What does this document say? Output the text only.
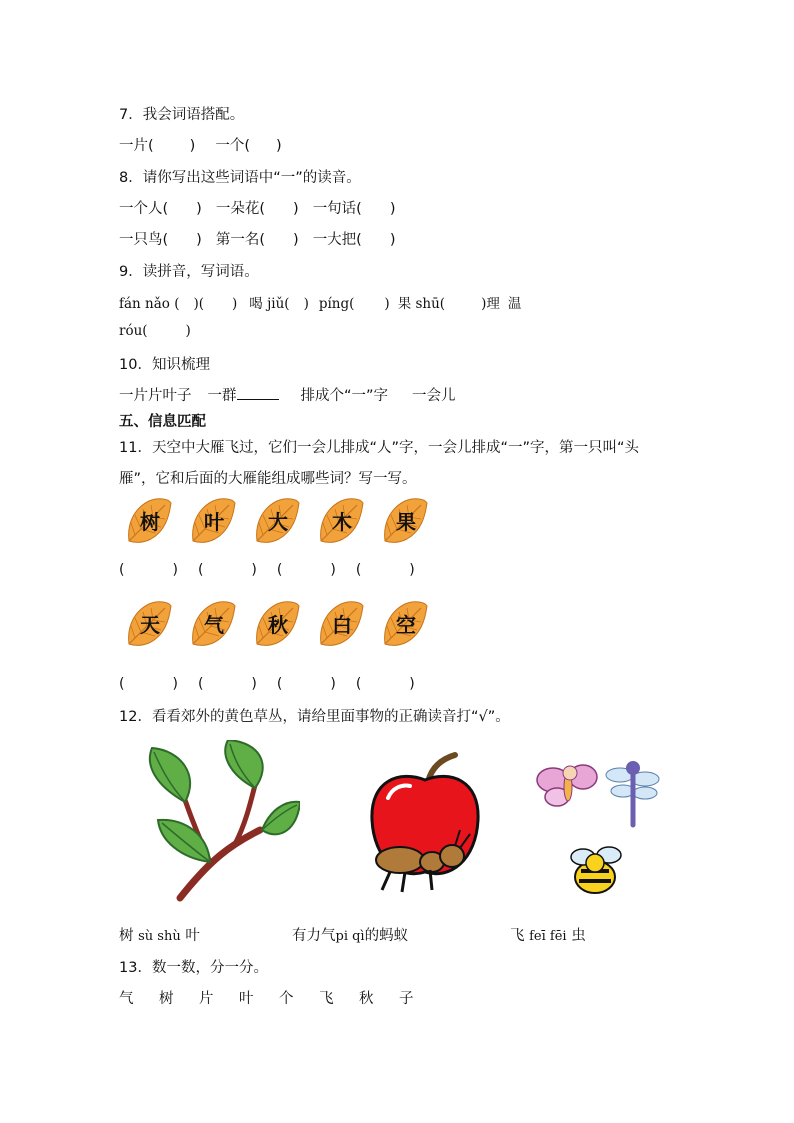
7．我会词语搭配。
一片( ) 一个( )
8．请你写出这些词语中“一”的读音。
一个人( ) 一朵花( ) 一句话( )
一只鸟( ) 第一名( ) 一大把( )
9．读拼音，写词语。
fán nǎo ( )( ) 喝 jiǔ( ) píng( ) 果 shū(	)理 温
róu(	)
10．知识梳理
一片片叶子 一群	排成个“一”字 一会儿
五、信息匹配
11．天空中大雁飞过，它们一会儿排成“人”字，一会儿排成“一”字，第一只叫“头
雁”，它和后面的大雁能组成哪些词？写一写。
树	叶	大	木	果
(	) (	) (	) (	)
天	气	秋	白	空
(	) (	) (	) (	)
12．看看郊外的黄色草丛，请给里面事物的正确读音打“√”。
树 sù shù 叶	有力气pi qì的蚂蚁	飞 feī fēi 虫
13．数一数，分一分。
气 树 片 叶 个 飞 秋 子
